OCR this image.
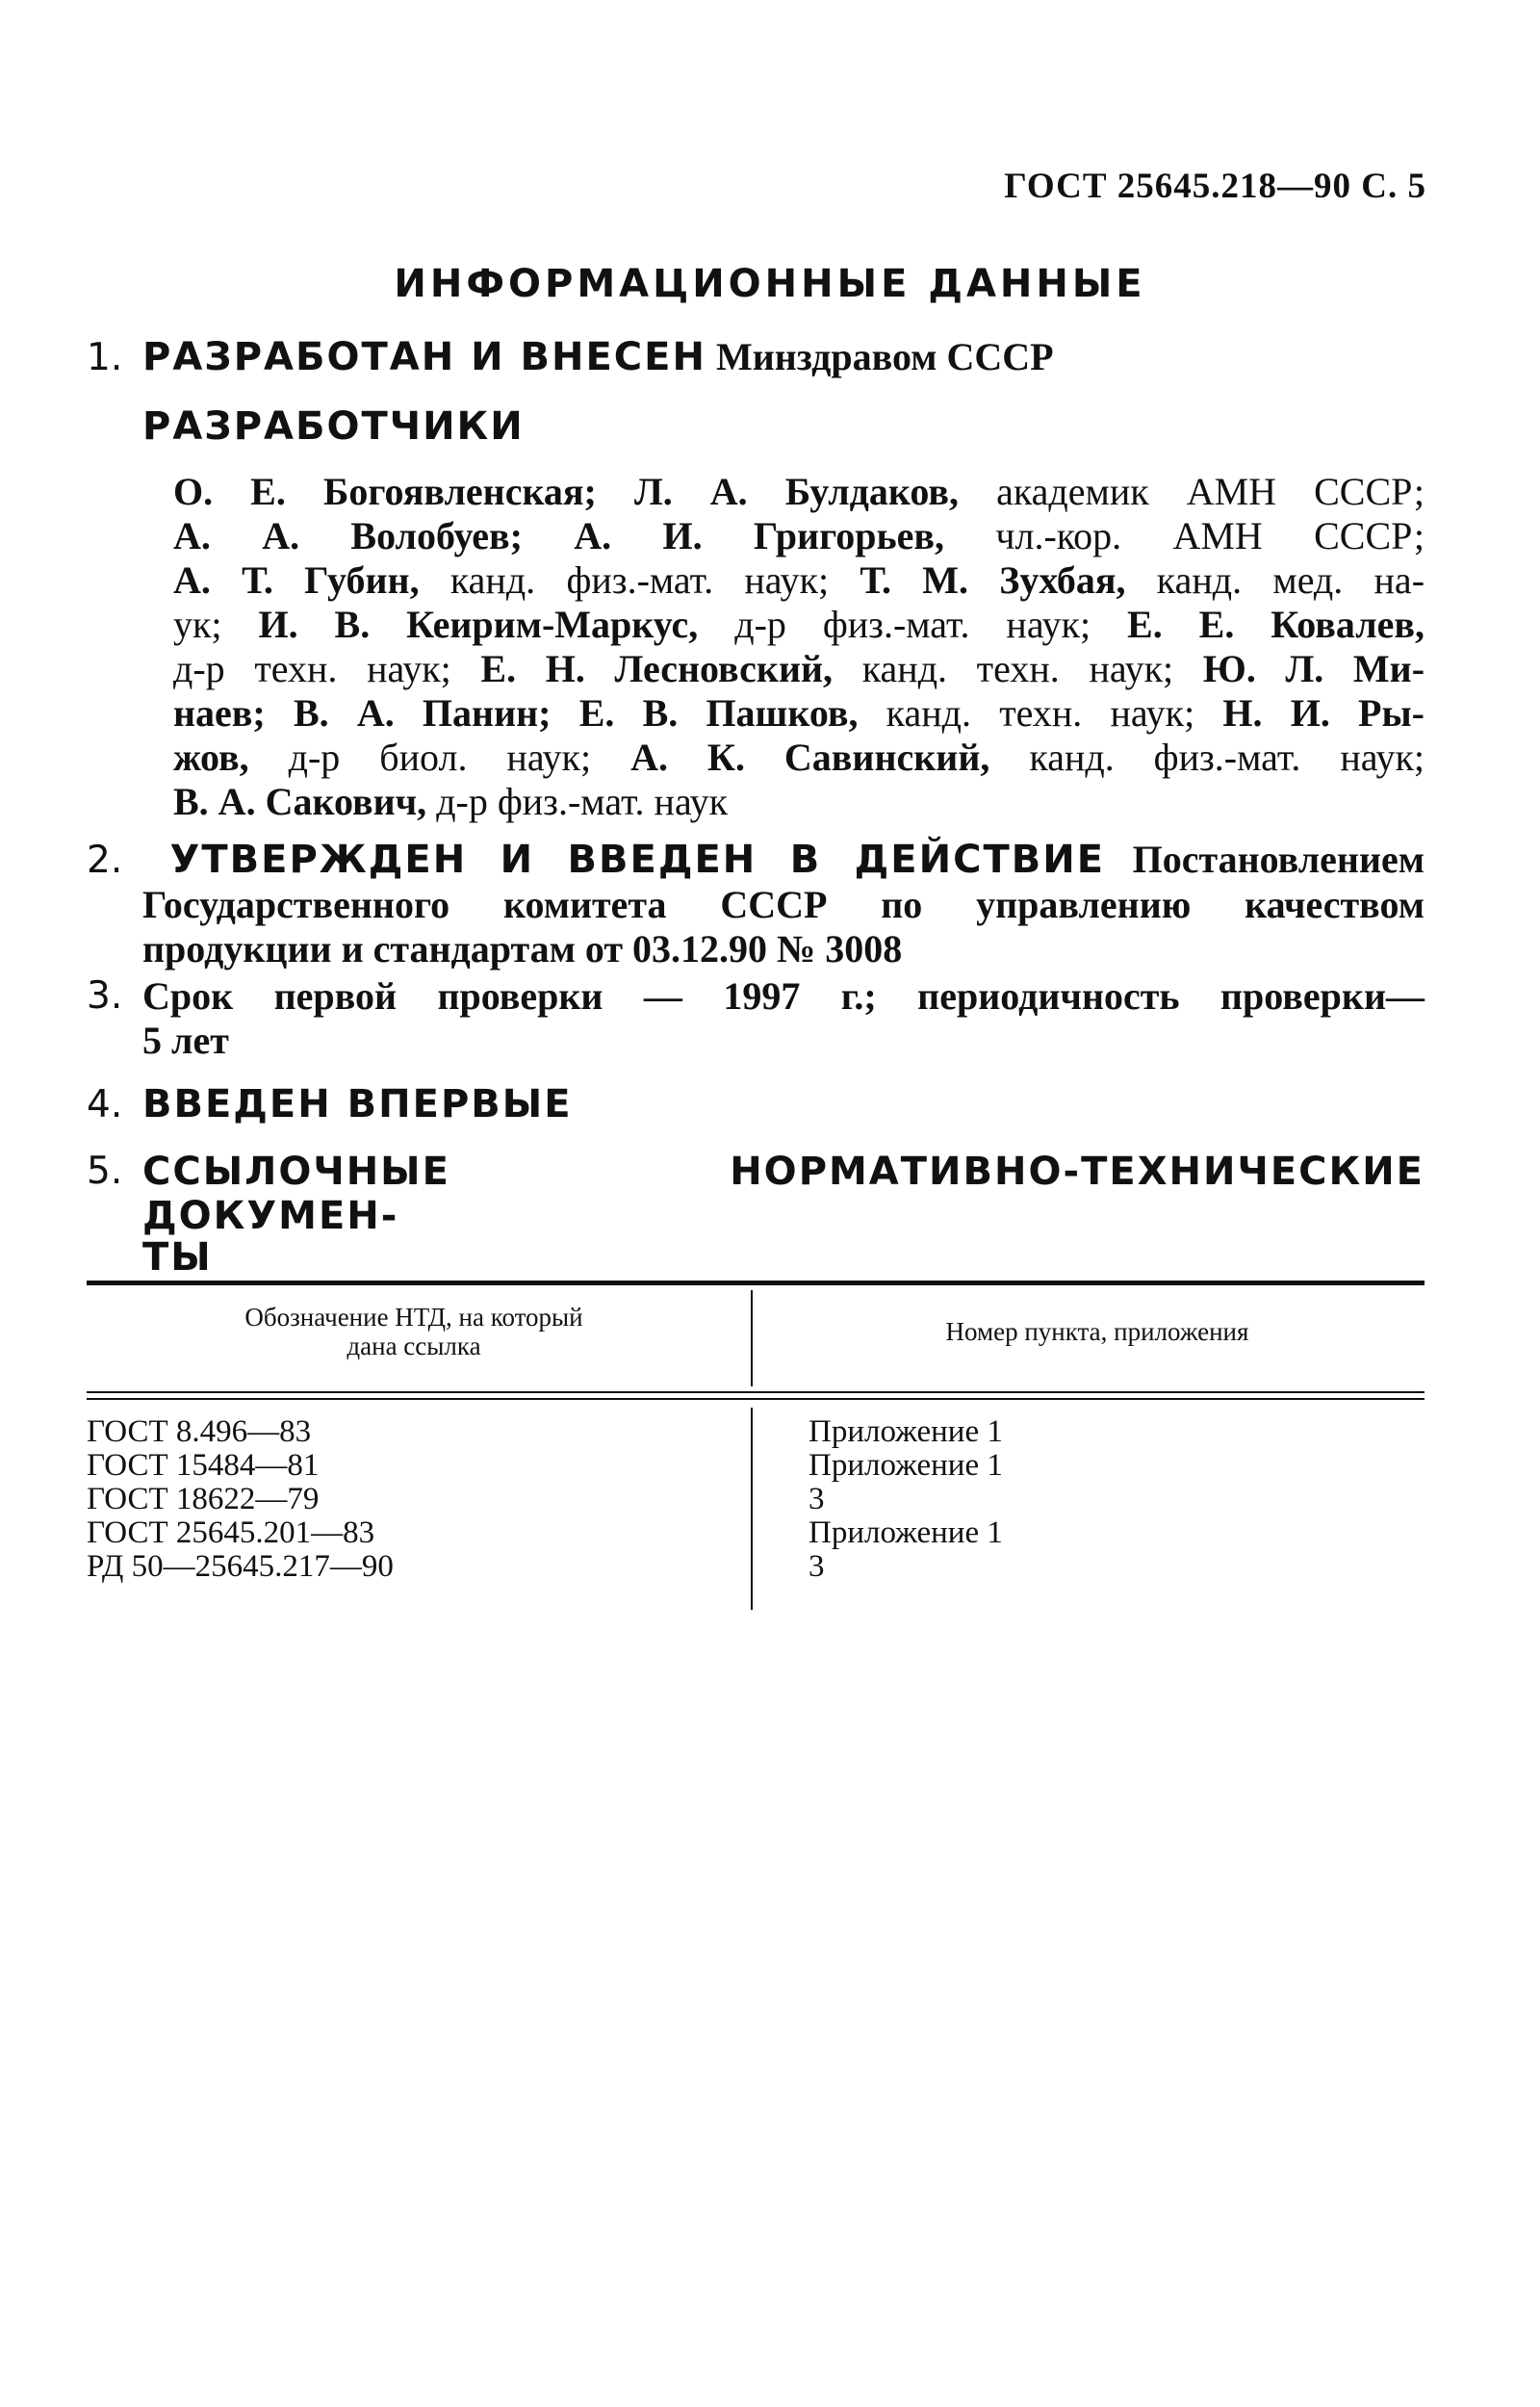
ГОСТ 25645.218—90 С. 5
ИНФОРМАЦИОННЫЕ ДАННЫЕ
1. РАЗРАБОТАН И ВНЕСЕН Минздравом СССР
РАЗРАБОТЧИКИ
О. Е. Богоявленская; Л. А. Булдаков, академик АМН СССР;
А. А. Волобуев; А. И. Григорьев, чл.-кор. АМН СССР;
А. Т. Губин, канд. физ.-мат. наук; Т. М. Зухбая, канд. мед. на-
ук; И. В. Кеирим-Маркус, д-р физ.-мат. наук; Е. Е. Ковалев,
д-р техн. наук; Е. Н. Лесновский, канд. техн. наук; Ю. Л. Ми-
наев; В. А. Панин; Е. В. Пашков, канд. техн. наук; Н. И. Ры-
жов, д-р биол. наук; А. К. Савинский, канд. физ.-мат. наук;
В. А. Сакович, д-р физ.-мат. наук
2. УТВЕРЖДЕН И ВВЕДЕН В ДЕЙСТВИЕ Постановлением
Государственного комитета СССР по управлению качеством
продукции и стандартам от 03.12.90 № 3008
3. Срок первой проверки — 1997 г.; периодичность проверки—
5 лет
4. ВВЕДЕН ВПЕРВЫЕ
5. ССЫЛОЧНЫЕ НОРМАТИВНО-ТЕХНИЧЕСКИЕ ДОКУМЕН-
ТЫ
Обозначение НТД, на который
дана ссылка	Номер пункта, приложения
ГОСТ 8.496—83	Приложение 1
ГОСТ 15484—81	Приложение 1
ГОСТ 18622—79	3
ГОСТ 25645.201—83	Приложение 1
РД 50—25645.217—90	3
